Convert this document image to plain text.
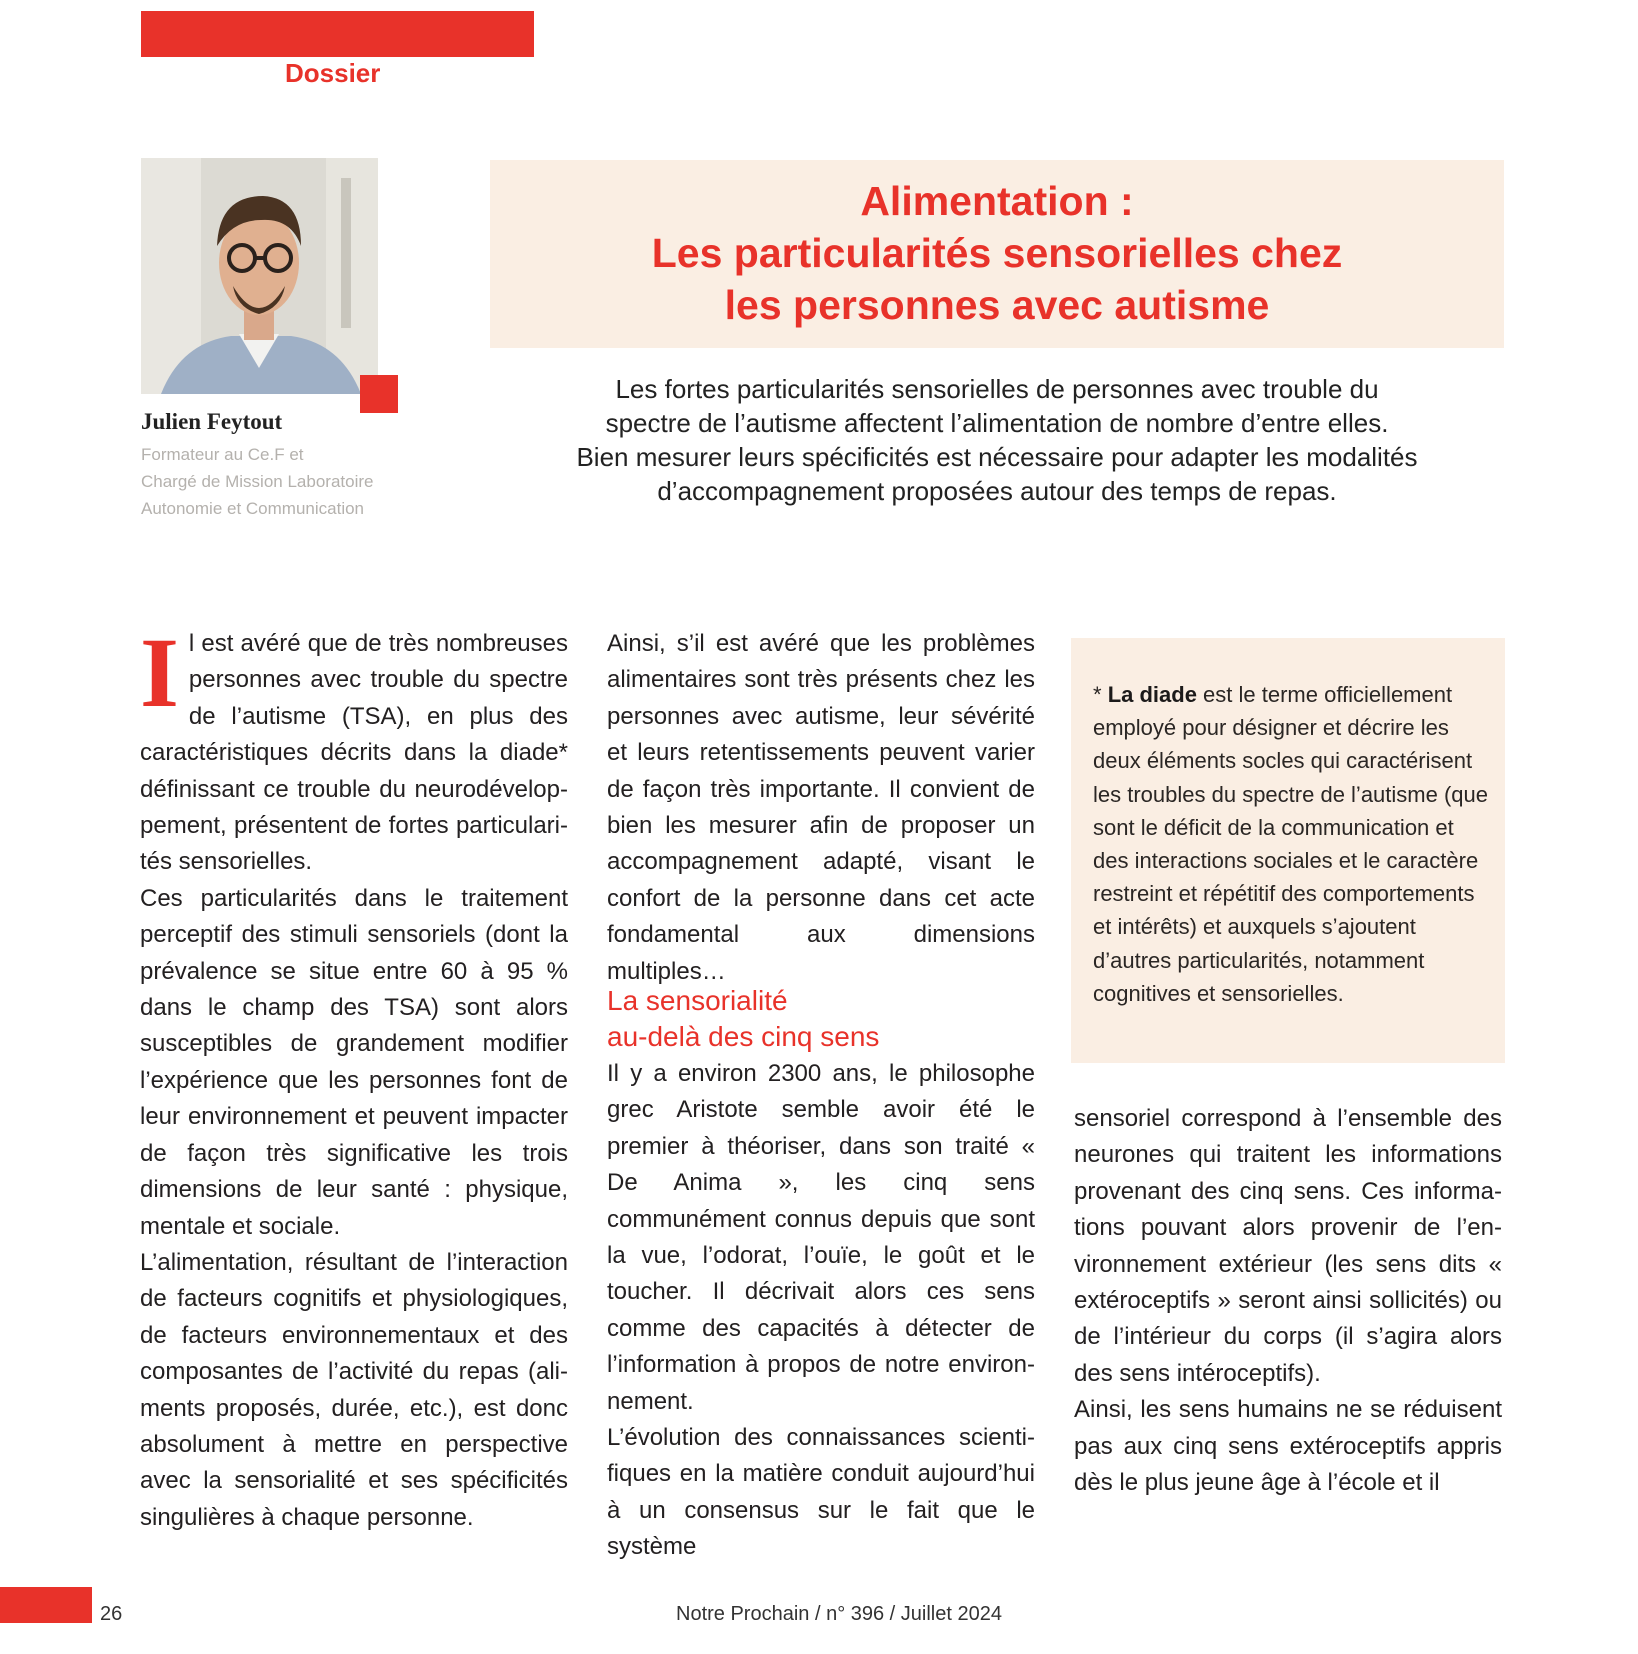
Dossier
Julien Feytout
Formateur au Ce.F et
Chargé de Mission Laboratoire
Autonomie et Communication
Alimentation :
Les particularités sensorielles chez
les personnes avec autisme
Les fortes particularités sensorielles de personnes avec trouble du
spectre de l’autisme affectent l’alimentation de nombre d’entre elles.
Bien mesurer leurs spécificités est nécessaire pour adapter les modalités
d’accompagnement proposées autour des temps de repas.

Il est avéré que de très nombreuses personnes avec trouble du spectre de l’autisme (TSA), en plus des caractéristiques décrits dans la diade* définissant ce trouble du neurodéveloppement, présentent de fortes particularités sensorielles.

Ces particularités dans le traitement perceptif des stimuli sensoriels (dont la prévalence se situe entre 60 à 95 % dans le champ des TSA) sont alors susceptibles de grandement modifier l’expérience que les personnes font de leur environnement et peuvent impacter de façon très significative les trois dimensions de leur santé : physique, mentale et sociale.

L’alimentation, résultant de l’interaction de facteurs cognitifs et physiologiques, de facteurs environnementaux et des composantes de l’activité du repas (aliments proposés, durée, etc.), est donc absolument à mettre en perspective avec la sensorialité et ses spécificités singulières à chaque personne.

Ainsi, s’il est avéré que les problèmes alimentaires sont très présents chez les personnes avec autisme, leur sévérité et leurs retentissements peuvent varier de façon très importante. Il convient de bien les mesurer afin de proposer un accompagnement adapté, visant le confort de la personne dans cet acte fondamental aux dimensions multiples…

La sensorialité
au-delà des cinq sens

Il y a environ 2300 ans, le philosophe grec Aristote semble avoir été le premier à théoriser, dans son traité « De Anima », les cinq sens communément connus depuis que sont la vue, l’odorat, l’ouïe, le goût et le toucher. Il décrivait alors ces sens comme des capacités à détecter de l’information à propos de notre environnement.

L’évolution des connaissances scientifiques en la matière conduit aujourd’hui à un consensus sur le fait que le système

* La diade est le terme officiellement employé pour désigner et décrire les deux éléments socles qui caractérisent les troubles du spectre de l’autisme (que sont le déficit de la communication et des interactions sociales et le caractère restreint et répétitif des comportements et intérêts) et auxquels s’ajoutent d’autres particularités, notamment cognitives et sensorielles.

sensoriel correspond à l’ensemble des neurones qui traitent les informations provenant des cinq sens. Ces informations pouvant alors provenir de l’environnement extérieur (les sens dits « extéroceptifs » seront ainsi sollicités) ou de l’intérieur du corps (il s’agira alors des sens intéroceptifs).

Ainsi, les sens humains ne se réduisent pas aux cinq sens extéroceptifs appris dès le plus jeune âge à l’école et il

26	Notre Prochain / n° 396 / Juillet 2024
